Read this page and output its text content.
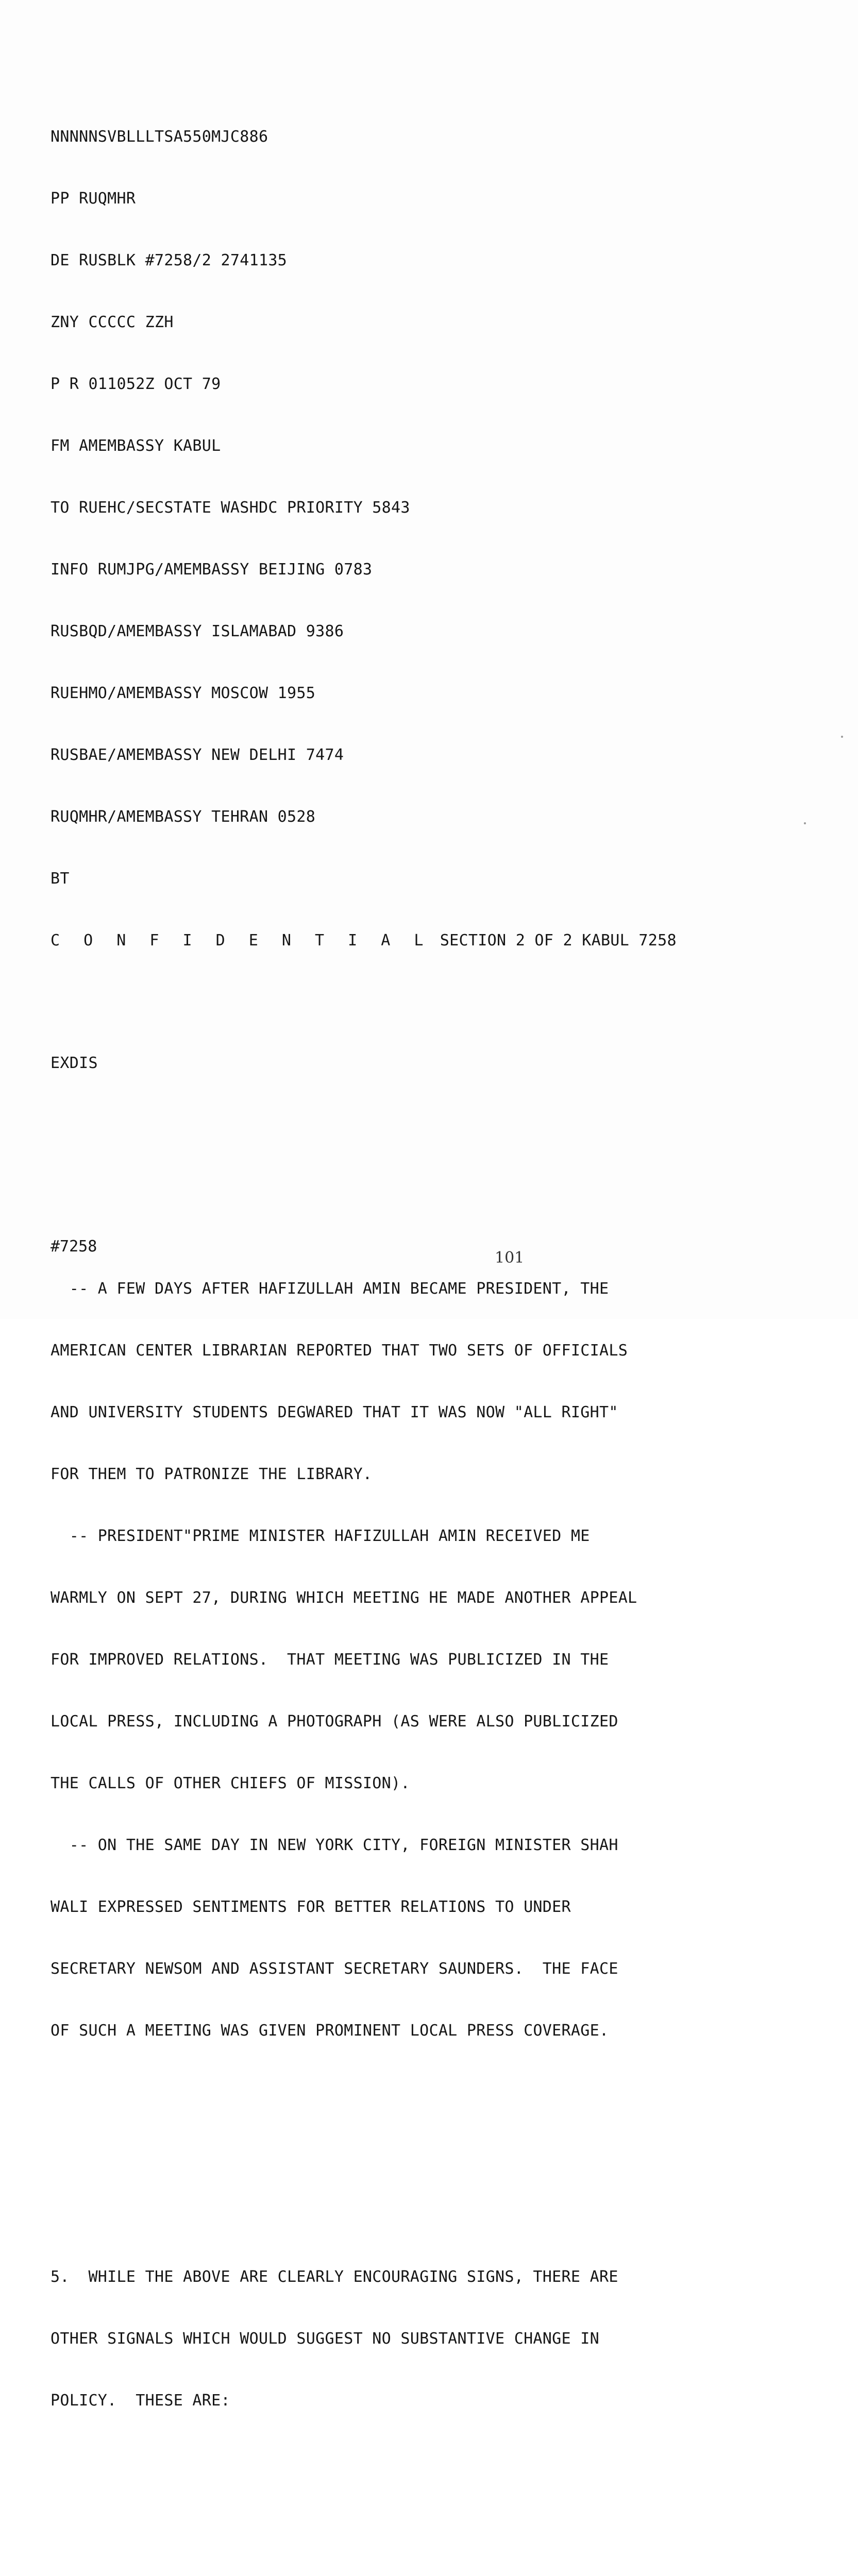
NNNNNSVBLLLTSA550MJC886

PP RUQMHR

DE RUSBLK #7258/2 2741135

ZNY CCCCC ZZH

P R 011052Z OCT 79

FM AMEMBASSY KABUL

TO RUEHC/SECSTATE WASHDC PRIORITY 5843

INFO RUMJPG/AMEMBASSY BEIJING 0783

RUSBQD/AMEMBASSY ISLAMABAD 9386

RUEHMO/AMEMBASSY MOSCOW 1955

RUSBAE/AMEMBASSY NEW DELHI 7474

RUQMHR/AMEMBASSY TEHRAN 0528

BT

C O N F I D E N T I A L SECTION 2 OF 2 KABUL 7258

EXDIS

-- A FEW DAYS AFTER HAFIZULLAH AMIN BECAME PRESIDENT, THE

AMERICAN CENTER LIBRARIAN REPORTED THAT TWO SETS OF OFFICIALS

AND UNIVERSITY STUDENTS DEGWARED THAT IT WAS NOW "ALL RIGHT"

FOR THEM TO PATRONIZE THE LIBRARY.

-- PRESIDENT"PRIME MINISTER HAFIZULLAH AMIN RECEIVED ME

WARMLY ON SEPT 27, DURING WHICH MEETING HE MADE ANOTHER APPEAL

FOR IMPROVED RELATIONS.  THAT MEETING WAS PUBLICIZED IN THE

LOCAL PRESS, INCLUDING A PHOTOGRAPH (AS WERE ALSO PUBLICIZED

THE CALLS OF OTHER CHIEFS OF MISSION).

-- ON THE SAME DAY IN NEW YORK CITY, FOREIGN MINISTER SHAH

WALI EXPRESSED SENTIMENTS FOR BETTER RELATIONS TO UNDER

SECRETARY NEWSOM AND ASSISTANT SECRETARY SAUNDERS.  THE FACE

OF SUCH A MEETING WAS GIVEN PROMINENT LOCAL PRESS COVERAGE.

5.  WHILE THE ABOVE ARE CLEARLY ENCOURAGING SIGNS, THERE ARE

OTHER SIGNALS WHICH WOULD SUGGEST NO SUBSTANTIVE CHANGE IN

POLICY.  THESE ARE:

#7258
101
